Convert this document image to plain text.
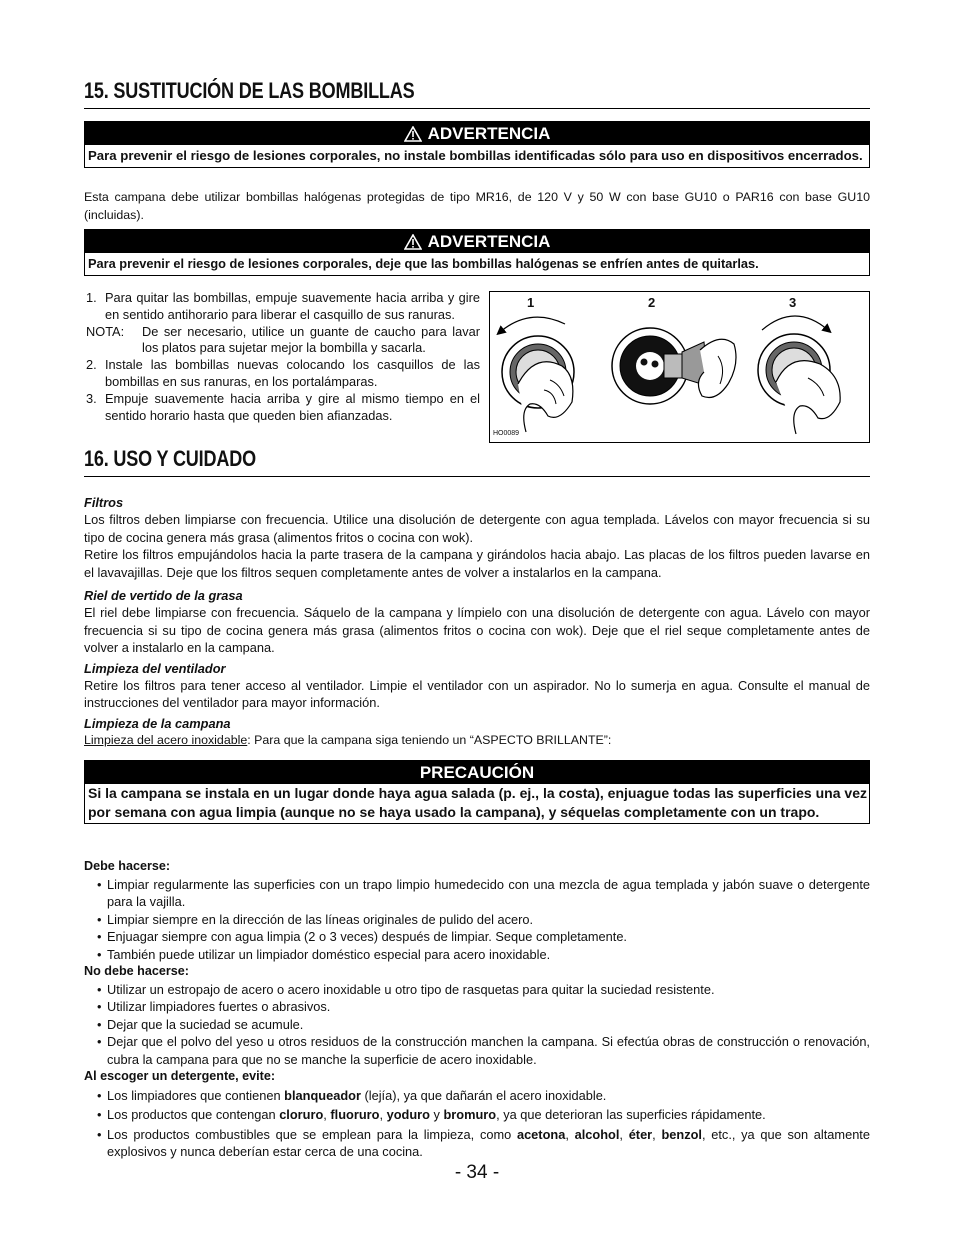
15. SUSTITUCIÓN DE LAS BOMBILLAS
ADVERTENCIA
Para prevenir el riesgo de lesiones corporales, no instale bombillas identificadas sólo para uso en dispositivos encerrados.
Esta campana debe utilizar bombillas halógenas protegidas de tipo MR16, de 120 V y 50 W con base GU10 o PAR16 con base GU10 (incluidas).
ADVERTENCIA
Para prevenir el riesgo de lesiones corporales, deje que las bombillas halógenas se enfríen antes de quitarlas.
1. Para quitar las bombillas, empuje suavemente hacia arriba y gire en sentido antihorario para liberar el casquillo de sus ranuras.
NOTA: De ser necesario, utilice un guante de caucho para lavar los platos para sujetar mejor la bombilla y sacarla.
2. Instale las bombillas nuevas colocando los casquillos de las bombillas en sus ranuras, en los portalámparas.
3. Empuje suavemente hacia arriba y gire al mismo tiempo en el sentido horario hasta que queden bien afianzadas.
1	2	3
HO0089
16. USO Y CUIDADO
Filtros
Los filtros deben limpiarse con frecuencia. Utilice una disolución de detergente con agua templada. Lávelos con mayor frecuencia si su tipo de cocina genera más grasa (alimentos fritos o cocina con wok).
Retire los filtros empujándolos hacia la parte trasera de la campana y girándolos hacia abajo. Las placas de los filtros pueden lavarse en el lavavajillas. Deje que los filtros sequen completamente antes de volver a instalarlos en la campana.
Riel de vertido de la grasa
El riel debe limpiarse con frecuencia. Sáquelo de la campana y límpielo con una disolución de detergente con agua. Lávelo con mayor frecuencia si su tipo de cocina genera más grasa (alimentos fritos o cocina con wok). Deje que el riel seque completamente antes de volver a instalarlo en la campana.
Limpieza del ventilador
Retire los filtros para tener acceso al ventilador. Limpie el ventilador con un aspirador. No lo sumerja en agua. Consulte el manual de instrucciones del ventilador para mayor información.
Limpieza de la campana
Limpieza del acero inoxidable: Para que la campana siga teniendo un “ASPECTO BRILLANTE”:
PRECAUCIÓN
Si la campana se instala en un lugar donde haya agua salada (p. ej., la costa), enjuague todas las superficies una vez por semana con agua limpia (aunque no se haya usado la campana), y séquelas completamente con un trapo.
Debe hacerse:
• Limpiar regularmente las superficies con un trapo limpio humedecido con una mezcla de agua templada y jabón suave o detergente para la vajilla.
• Limpiar siempre en la dirección de las líneas originales de pulido del acero.
• Enjuagar siempre con agua limpia (2 o 3 veces) después de limpiar. Seque completamente.
• También puede utilizar un limpiador doméstico especial para acero inoxidable.
No debe hacerse:
• Utilizar un estropajo de acero o acero inoxidable u otro tipo de rasquetas para quitar la suciedad resistente.
• Utilizar limpiadores fuertes o abrasivos.
• Dejar que la suciedad se acumule.
• Dejar que el polvo del yeso u otros residuos de la construcción manchen la campana. Si efectúa obras de construcción o renovación, cubra la campana para que no se manche la superficie de acero inoxidable.
Al escoger un detergente, evite:
• Los limpiadores que contienen blanqueador (lejía), ya que dañarán el acero inoxidable.
• Los productos que contengan cloruro, fluoruro, yoduro y bromuro, ya que deterioran las superficies rápidamente.
• Los productos combustibles que se emplean para la limpieza, como acetona, alcohol, éter, benzol, etc., ya que son altamente explosivos y nunca deberían estar cerca de una cocina.
- 34 -
